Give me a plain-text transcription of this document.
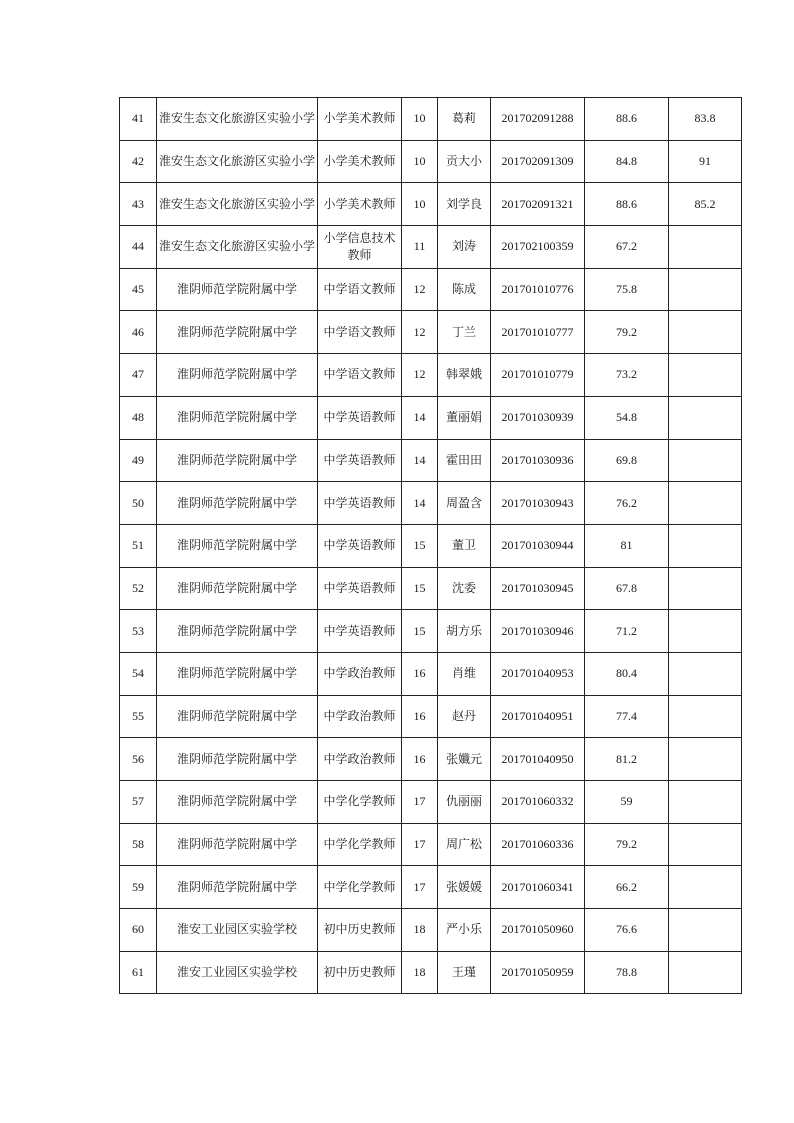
41	淮安生态文化旅游区实验小学	小学美术教师	10	葛莉	201702091288	88.6	83.8
42	淮安生态文化旅游区实验小学	小学美术教师	10	贡大小	201702091309	84.8	91
43	淮安生态文化旅游区实验小学	小学美术教师	10	刘学良	201702091321	88.6	85.2
44	淮安生态文化旅游区实验小学	小学信息技术教师	11	刘涛	201702100359	67.2	
45	淮阴师范学院附属中学	中学语文教师	12	陈成	201701010776	75.8	
46	淮阴师范学院附属中学	中学语文教师	12	丁兰	201701010777	79.2	
47	淮阴师范学院附属中学	中学语文教师	12	韩翠娥	201701010779	73.2	
48	淮阴师范学院附属中学	中学英语教师	14	董丽娟	201701030939	54.8	
49	淮阴师范学院附属中学	中学英语教师	14	霍田田	201701030936	69.8	
50	淮阴师范学院附属中学	中学英语教师	14	周盈含	201701030943	76.2	
51	淮阴师范学院附属中学	中学英语教师	15	董卫	201701030944	81	
52	淮阴师范学院附属中学	中学英语教师	15	沈委	201701030945	67.8	
53	淮阴师范学院附属中学	中学英语教师	15	胡方乐	201701030946	71.2	
54	淮阴师范学院附属中学	中学政治教师	16	肖维	201701040953	80.4	
55	淮阴师范学院附属中学	中学政治教师	16	赵丹	201701040951	77.4	
56	淮阴师范学院附属中学	中学政治教师	16	张孅元	201701040950	81.2	
57	淮阴师范学院附属中学	中学化学教师	17	仇丽丽	201701060332	59	
58	淮阴师范学院附属中学	中学化学教师	17	周广松	201701060336	79.2	
59	淮阴师范学院附属中学	中学化学教师	17	张媛媛	201701060341	66.2	
60	淮安工业园区实验学校	初中历史教师	18	严小乐	201701050960	76.6	
61	淮安工业园区实验学校	初中历史教师	18	王瑾	201701050959	78.8	
